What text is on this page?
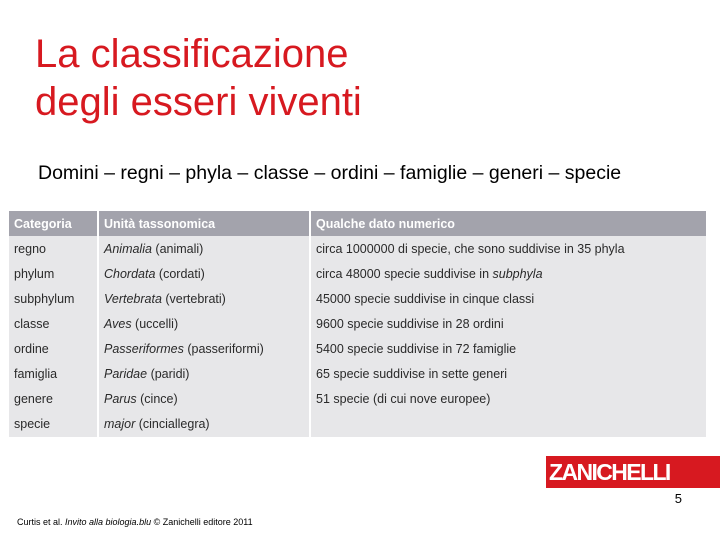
La classificazione
degli esseri viventi
Domini – regni – phyla – classe – ordini – famiglie – generi – specie
Categoria	Unità tassonomica	Qualche dato numerico
regno	Animalia (animali)	circa 1000000 di specie, che sono suddivise in 35 phyla
phylum	Chordata (cordati)	circa 48000 specie suddivise in subphyla
subphylum	Vertebrata (vertebrati)	45000 specie suddivise in cinque classi
classe	Aves (uccelli)	9600 specie suddivise in 28 ordini
ordine	Passeriformes (passeriformi)	5400 specie suddivise in 72 famiglie
famiglia	Paridae (paridi)	65 specie suddivise in sette generi
genere	Parus (cince)	51 specie (di cui nove europee)
specie	major (cinciallegra)	
ZANICHELLI
5
Curtis et al. Invito alla biologia.blu © Zanichelli editore 2011
